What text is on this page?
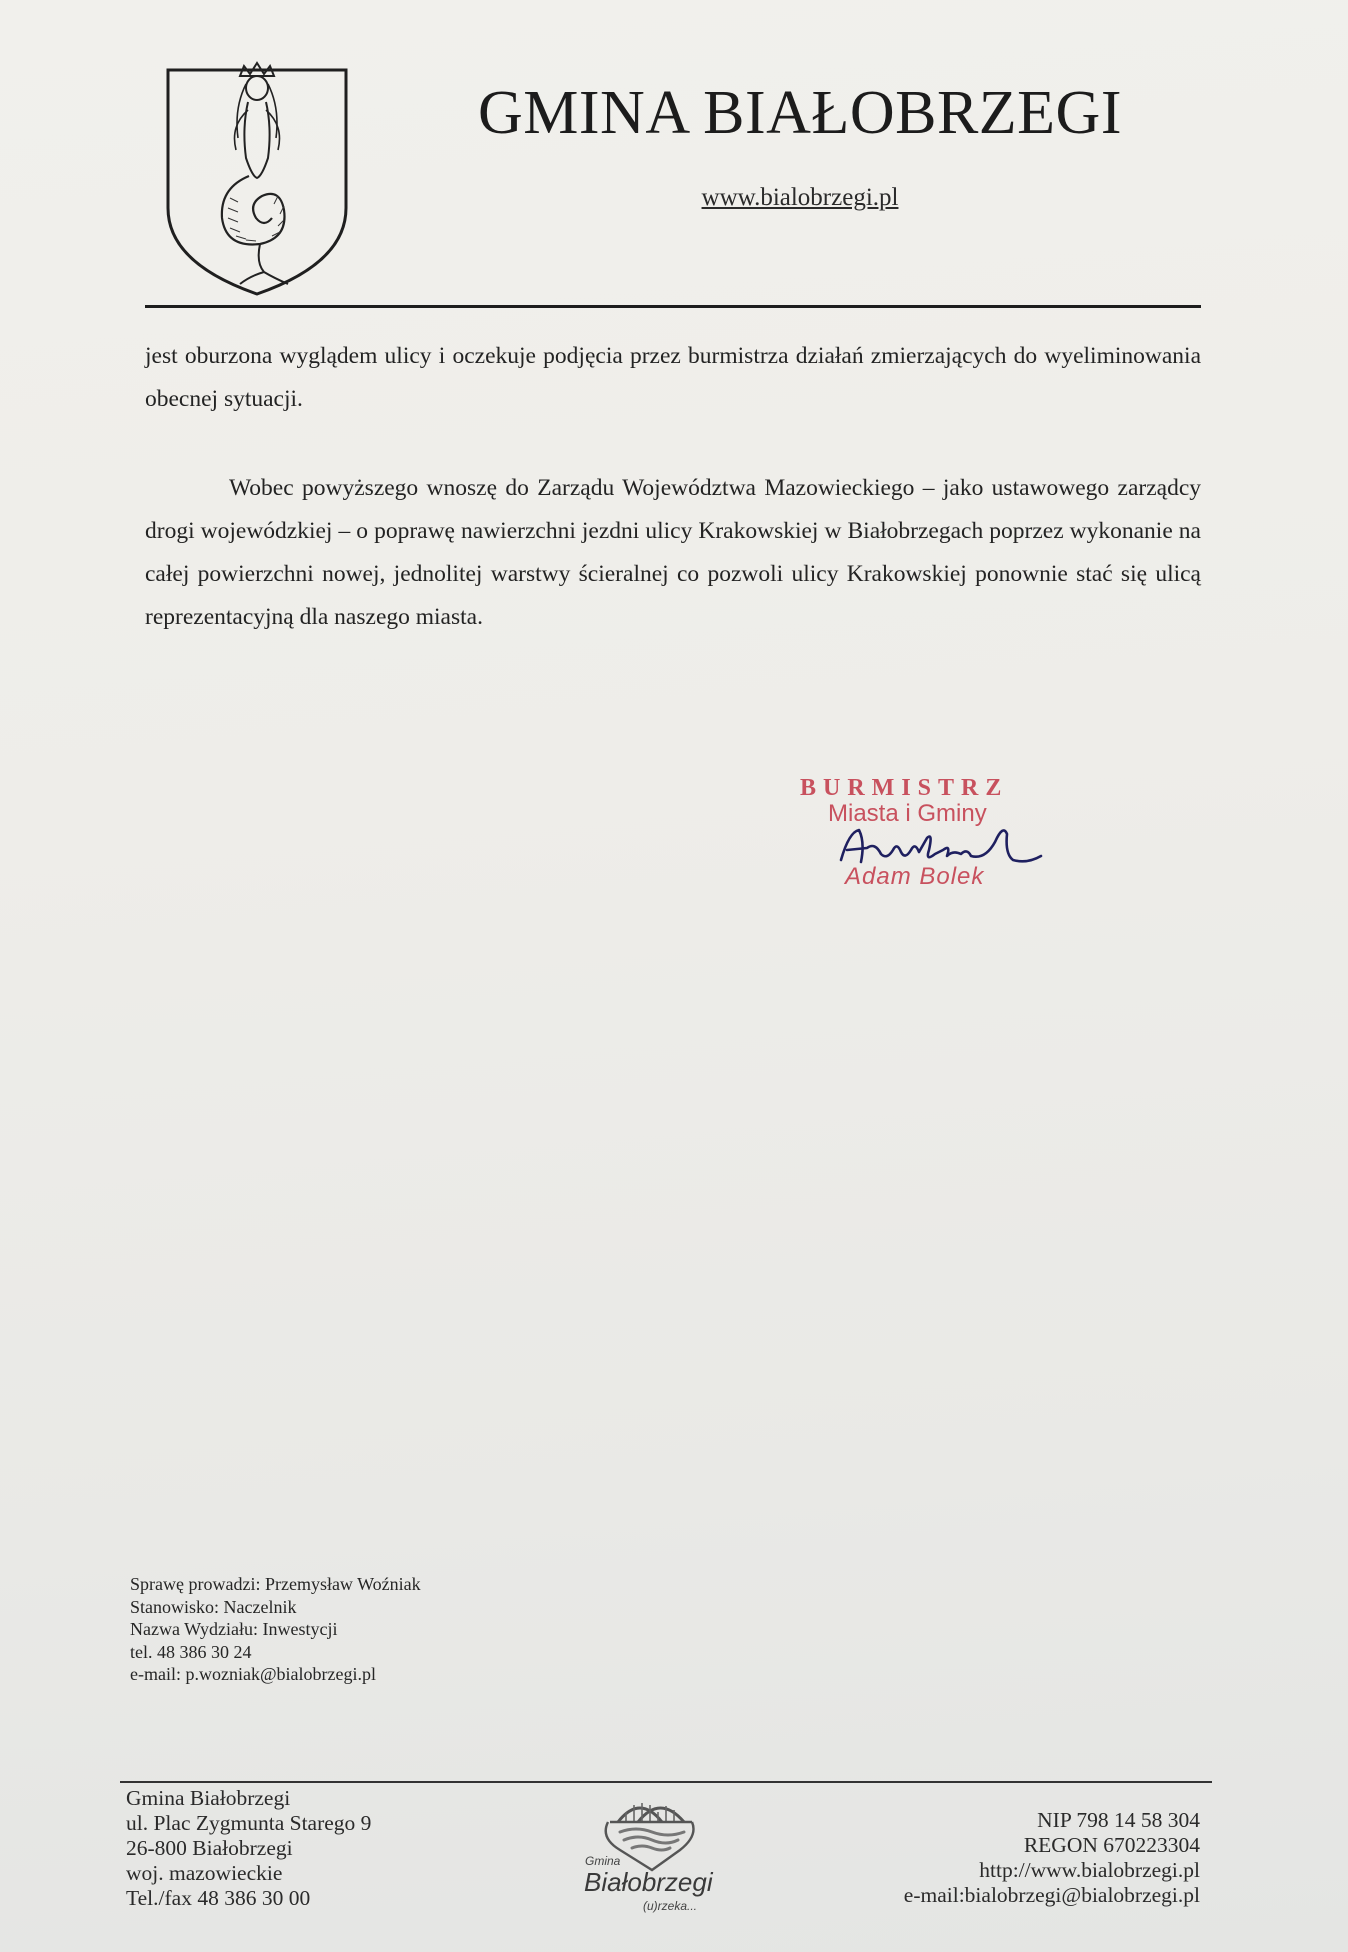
GMINA BIAŁOBRZEGI
www.bialobrzegi.pl
jest oburzona wyglądem ulicy i oczekuje podjęcia przez burmistrza działań zmierzających do wyeliminowania obecnej sytuacji.
Wobec powyższego wnoszę do Zarządu Województwa Mazowieckiego – jako ustawowego zarządcy drogi wojewódzkiej – o poprawę nawierzchni jezdni ulicy Krakowskiej w Białobrzegach poprzez wykonanie na całej powierzchni nowej, jednolitej warstwy ścieralnej co pozwoli ulicy Krakowskiej ponownie stać się ulicą reprezentacyjną dla naszego miasta.
BURMISTRZ
Miasta i Gminy
Adam Bolek
Sprawę prowadzi: Przemysław Woźniak
Stanowisko: Naczelnik
Nazwa Wydziału: Inwestycji
tel. 48 386 30 24
e-mail: p.wozniak@bialobrzegi.pl
Gmina Białobrzegi
ul. Plac Zygmunta Starego 9
26-800 Białobrzegi
woj. mazowieckie
Tel./fax 48 386 30 00
Gmina
Białobrzegi
(u)rzeka...
NIP 798 14 58 304
REGON 670223304
http://www.bialobrzegi.pl
e-mail:bialobrzegi@bialobrzegi.pl
